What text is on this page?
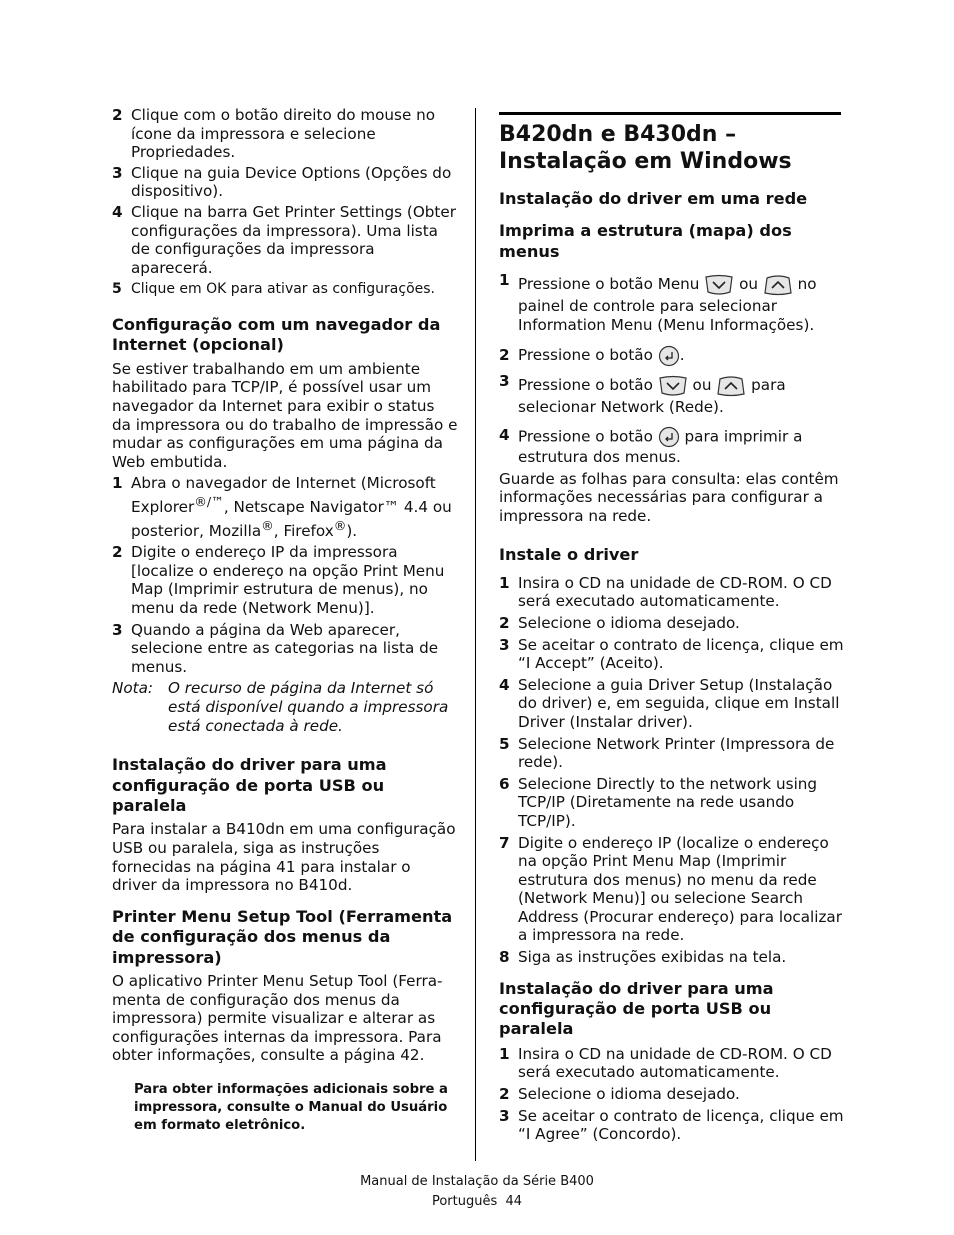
2 Clique com o botão direito do mouse no ícone da impressora e selecione Propriedades.
3 Clique na guia Device Options (Opções do dispositivo).
4 Clique na barra Get Printer Settings (Obter configurações da impressora). Uma lista de configurações da impressora aparecerá.
5 Clique em OK para ativar as configurações.

Configuração com um navegador da Internet (opcional)

Se estiver trabalhando em um ambiente habilitado para TCP/IP, é possível usar um navegador da Internet para exibir o status da impressora ou do trabalho de impressão e mudar as configurações em uma página da Web embutida.

1 Abra o navegador de Internet (Microsoft Explorer®/™, Netscape Navigator™ 4.4 ou posterior, Mozilla®, Firefox®).
2 Digite o endereço IP da impressora [localize o endereço na opção Print Menu Map (Imprimir estrutura de menus), no menu da rede (Network Menu)].
3 Quando a página da Web aparecer, selecione entre as categorias na lista de menus.
Nota: O recurso de página da Internet só está disponível quando a impressora está conectada à rede.

Instalação do driver para uma configuração de porta USB ou paralela

Para instalar a B410dn em uma configuração USB ou paralela, siga as instruções fornecidas na página 41 para instalar o driver da impressora no B410d.

Printer Menu Setup Tool (Ferramenta de configuração dos menus da impressora)

O aplicativo Printer Menu Setup Tool (Ferra-menta de configuração dos menus da impressora) permite visualizar e alterar as configurações internas da impressora. Para obter informações, consulte a página 42.

Para obter informações adicionais sobre a impressora, consulte o Manual do Usuário em formato eletrônico.

B420dn e B430dn –

Instalação em Windows

Instalação do driver em uma rede

Imprima a estrutura (mapa) dos menus

1 Pressione o botão Menu	ou	no
painel de controle para selecionar Information Menu (Menu Informações).
2 Pressione o botão .
3 Pressione o botão	ou	para
selecionar Network (Rede).
4 Pressione o botão para imprimir a estrutura dos menus.

Guarde as folhas para consulta: elas contêm informações necessárias para configurar a impressora na rede.

Instale o driver

1 Insira o CD na unidade de CD-ROM. O CD será executado automaticamente.
2 Selecione o idioma desejado.
3 Se aceitar o contrato de licença, clique em “I Accept” (Aceito).
4 Selecione a guia Driver Setup (Instalação do driver) e, em seguida, clique em Install Driver (Instalar driver).
5 Selecione Network Printer (Impressora de rede).
6 Selecione Directly to the network using TCP/IP (Diretamente na rede usando TCP/IP).
7 Digite o endereço IP (localize o endereço na opção Print Menu Map (Imprimir estrutura dos menus) no menu da rede (Network Menu)] ou selecione Search Address (Procurar endereço) para localizar a impressora na rede.
8 Siga as instruções exibidas na tela.

Instalação do driver para uma configuração de porta USB ou paralela

1 Insira o CD na unidade de CD-ROM. O CD será executado automaticamente.
2 Selecione o idioma desejado.
3 Se aceitar o contrato de licença, clique em “I Agree” (Concordo).
Manual de Instalação da Série B400
Português  44
